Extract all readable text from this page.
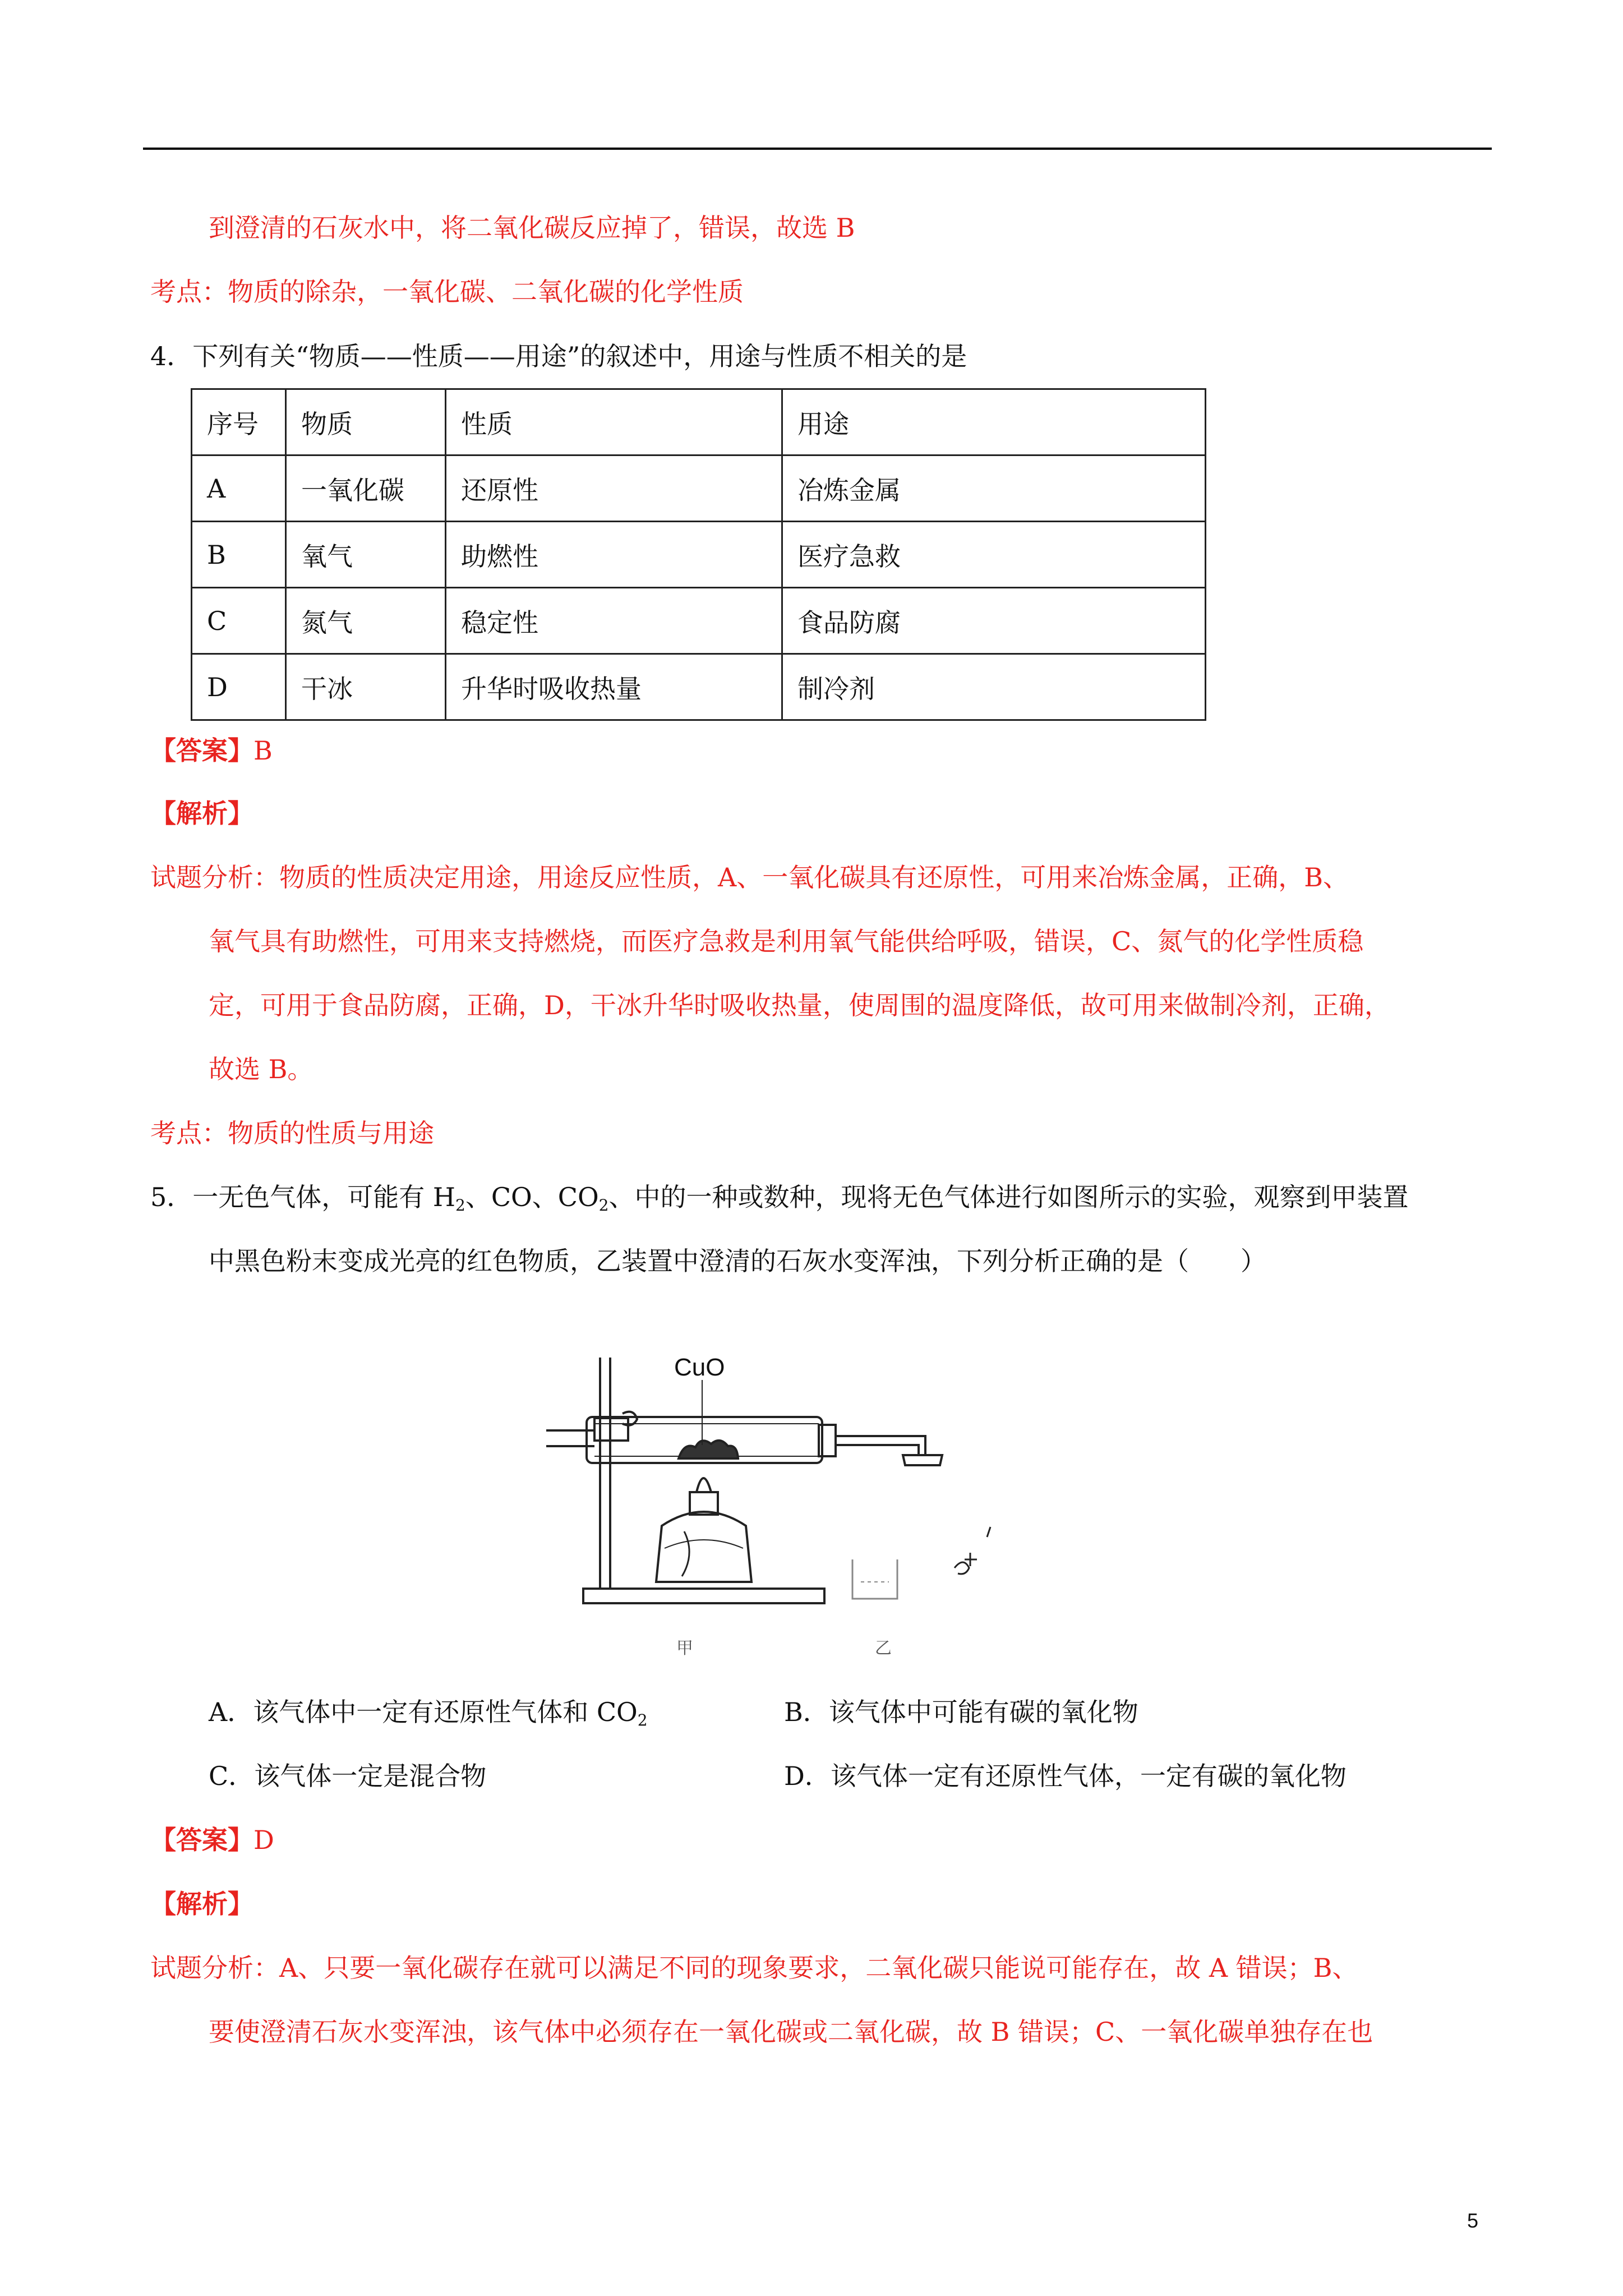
到澄清的石灰水中，将二氧化碳反应掉了，错误，故选 B
考点：物质的除杂，一氧化碳、二氧化碳的化学性质
4．下列有关“物质——性质——用途”的叙述中，用途与性质不相关的是
序号	物质	性质	用途
A	一氧化碳	还原性	冶炼金属
B	氧气	助燃性	医疗急救
C	氮气	稳定性	食品防腐
D	干冰	升华时吸收热量	制冷剂
【答案】B
【解析】
试题分析：物质的性质决定用途，用途反应性质，A、一氧化碳具有还原性，可用来冶炼金属，正确，B、
氧气具有助燃性，可用来支持燃烧，而医疗急救是利用氧气能供给呼吸，错误，C、氮气的化学性质稳
定，可用于食品防腐，正确，D，干冰升华时吸收热量，使周围的温度降低，故可用来做制冷剂，正确，
故选 B。
考点：物质的性质与用途
5．一无色气体，可能有 $H_2$、CO、$CO_2$、中的一种或数种，现将无色气体进行如图所示的实验，观察到甲装置
中黑色粉末变成光亮的红色物质，乙装置中澄清的石灰水变浑浊，下列分析正确的是（　　）
CuO
甲	乙
A．该气体中一定有还原性气体和 $CO_2$	B．该气体中可能有碳的氧化物
C．该气体一定是混合物	D．该气体一定有还原性气体，一定有碳的氧化物
【答案】D
【解析】
试题分析：A、只要一氧化碳存在就可以满足不同的现象要求，二氧化碳只能说可能存在，故 A 错误；B、
要使澄清石灰水变浑浊，该气体中必须存在一氧化碳或二氧化碳，故 B 错误；C、一氧化碳单独存在也
5
